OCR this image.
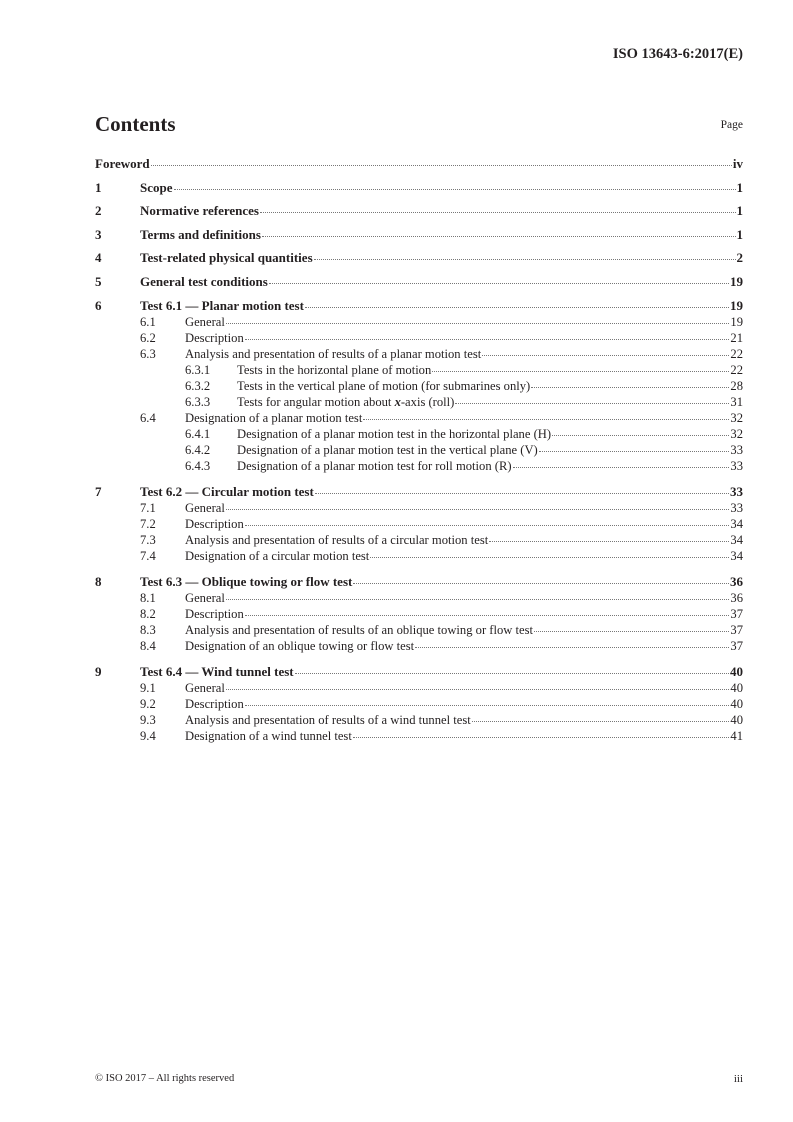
ISO 13643-6:2017(E)
Contents	Page
Foreword	iv
1	Scope	1
2	Normative references	1
3	Terms and definitions	1
4	Test-related physical quantities	2
5	General test conditions	19
6	Test 6.1 — Planar motion test	19
6.1	General	19
6.2	Description	21
6.3	Analysis and presentation of results of a planar motion test	22
6.3.1	Tests in the horizontal plane of motion	22
6.3.2	Tests in the vertical plane of motion (for submarines only)	28
6.3.3	Tests for angular motion about x-axis (roll)	31
6.4	Designation of a planar motion test	32
6.4.1	Designation of a planar motion test in the horizontal plane (H)	32
6.4.2	Designation of a planar motion test in the vertical plane (V)	33
6.4.3	Designation of a planar motion test for roll motion (R)	33
7	Test 6.2 — Circular motion test	33
7.1	General	33
7.2	Description	34
7.3	Analysis and presentation of results of a circular motion test	34
7.4	Designation of a circular motion test	34
8	Test 6.3 — Oblique towing or flow test	36
8.1	General	36
8.2	Description	37
8.3	Analysis and presentation of results of an oblique towing or flow test	37
8.4	Designation of an oblique towing or flow test	37
9	Test 6.4 — Wind tunnel test	40
9.1	General	40
9.2	Description	40
9.3	Analysis and presentation of results of a wind tunnel test	40
9.4	Designation of a wind tunnel test	41
© ISO 2017 – All rights reserved	iii
